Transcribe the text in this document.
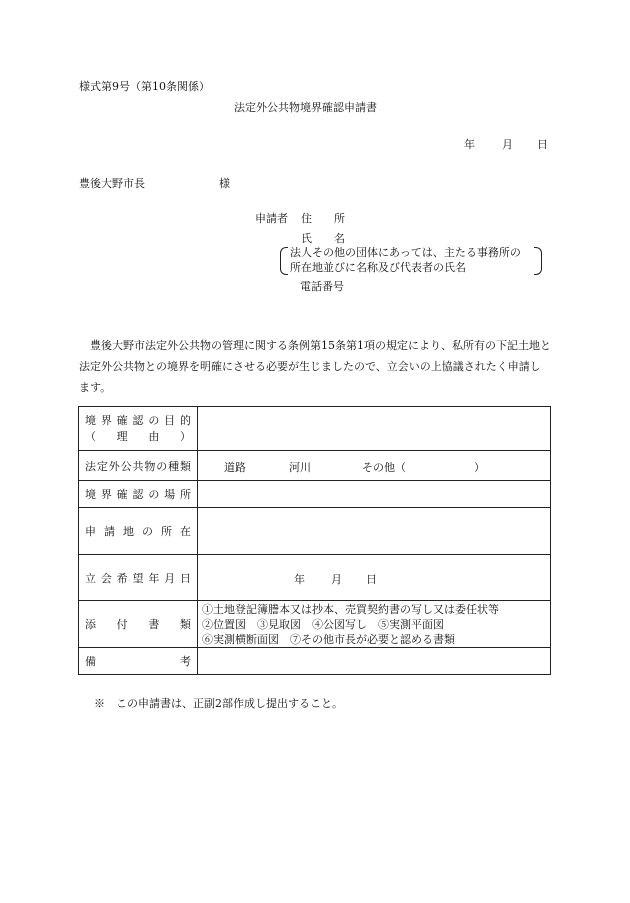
様式第9号（第10条関係）
法定外公共物境界確認申請書
年 月 日
豊後大野市長	様
申請者 住　　所
氏　　名
法人その他の団体にあっては、主たる事務所の
所在地並びに名称及び代表者の氏名
電話番号
豊後大野市法定外公共物の管理に関する条例第15条第1項の規定により、私所有の下記土地と法定外公共物との境界を明確にさせる必要が生じましたので、立会いの上協議されたく申請します。
境界確認の目的
（ 理 由 ）	

法定外公共物の種類	道路 河川 その他（ ）

境界確認の場所	
申請地の所在	
立会希望年月日	年 月 日

添付書類	①土地登記簿謄本又は抄本、売買契約書の写し又は委任状等
②位置図　③見取図　④公図写し　⑤実測平面図
⑥実測横断面図　⑦その他市長が必要と認める書類

備考	
※　この申請書は、正副2部作成し提出すること。
